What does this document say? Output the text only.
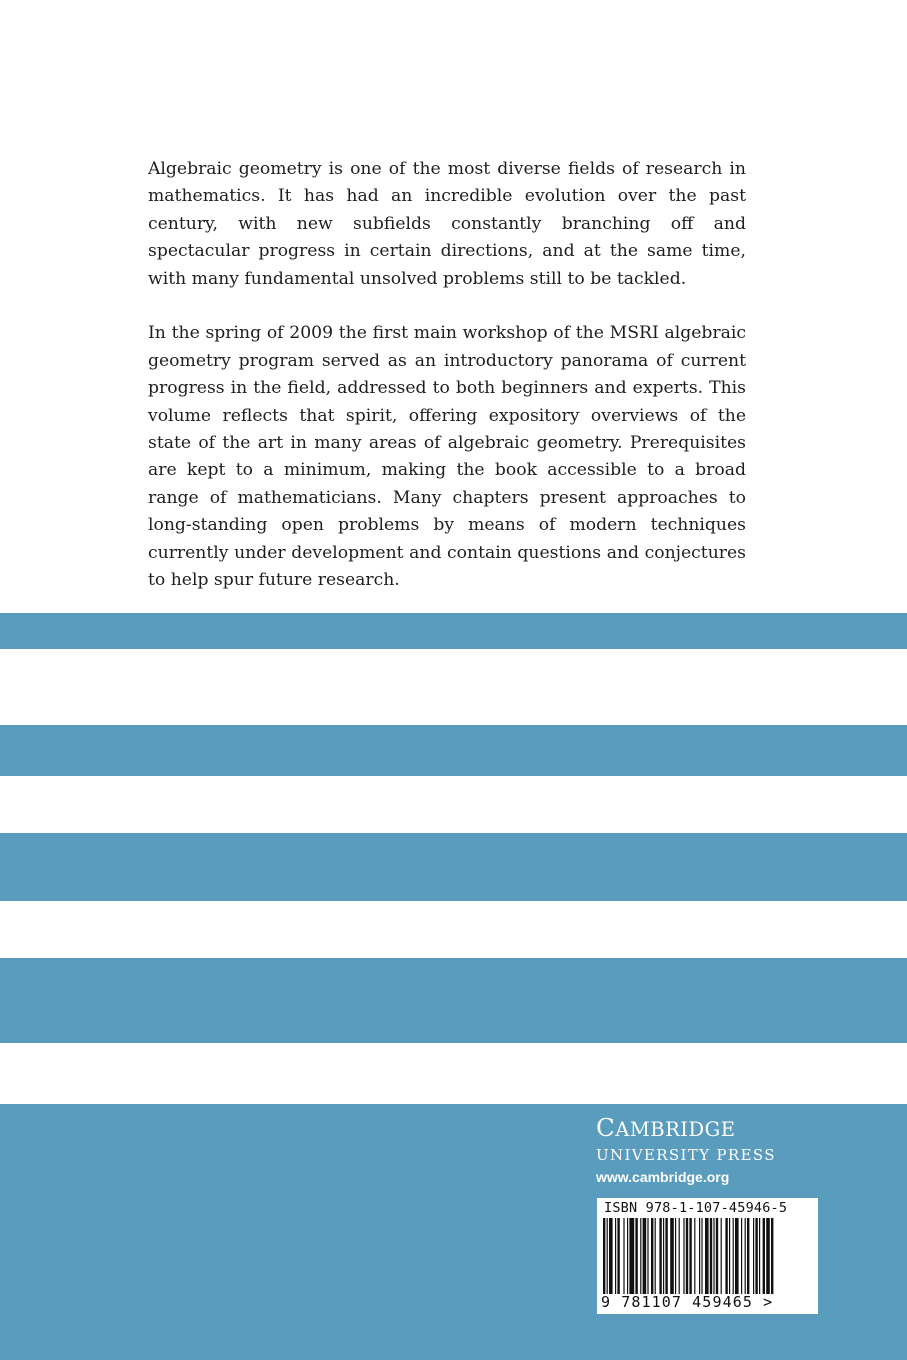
Algebraic geometry is one of the most diverse fields of research in mathematics. It has had an incredible evolution over the past century, with new subfields constantly branching off and spectacular progress in certain directions, and at the same time, with many fundamental unsolved problems still to be tackled.

In the spring of 2009 the first main workshop of the MSRI algebraic geometry program served as an introductory panorama of current progress in the field, addressed to both beginners and experts. This volume reflects that spirit, offering expository overviews of the state of the art in many areas of algebraic geometry. Prerequisites are kept to a minimum, making the book accessible to a broad range of mathematicians. Many chapters present approaches to long-standing open problems by means of modern techniques currently under development and contain questions and conjectures to help spur future research.

CAMBRIDGE
UNIVERSITY PRESS
www.cambridge.org
ISBN 978-1-107-45946-5
9 781107 459465 >
